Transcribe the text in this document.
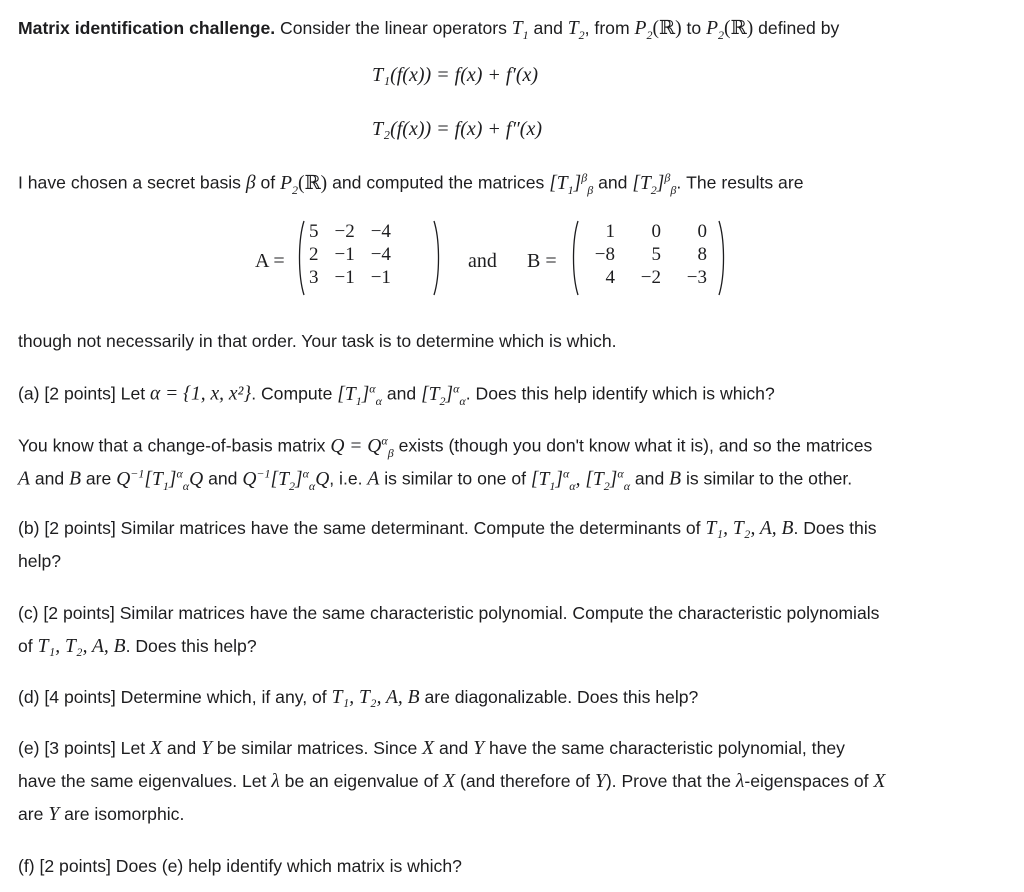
Matrix identification challenge. Consider the linear operators $T_1$ and $T_2$, from $P_2(ℝ)$ to $P_2(ℝ)$ defined by
T₁(f(x)) = f(x) + f′(x)
T₂(f(x)) = f(x) + f″(x)
I have chosen a secret basis β of $P_2(ℝ)$ and computed the matrices $[T_1]^\beta_\beta$ and $[T_2]^\beta_\beta$. The results are
A =
5	−2	−4
2	−1	−4
3	−1	−1
and B =
1	0	0
−8	5	8
4	−2	−3
though not necessarily in that order. Your task is to determine which is which.
(a) [2 points] Let α = {1, x, x²}. Compute $[T_1]^\alpha_\alpha$ and $[T_2]^\alpha_\alpha$. Does this help identify which is which?
You know that a change-of-basis matrix $Q = Q^\alpha_\beta$ exists (though you don't know what it is), and so the matrices
A and B are $Q^{-1}[T_1]^\alpha_\alpha Q$ and $Q^{-1}[T_2]^\alpha_\alpha Q$, i.e. A is similar to one of $[T_1]^\alpha_\alpha$, $[T_2]^\alpha_\alpha$ and B is similar to the other.
(b) [2 points] Similar matrices have the same determinant. Compute the determinants of T₁, T₂, A, B. Does this
help?
(c) [2 points] Similar matrices have the same characteristic polynomial. Compute the characteristic polynomials
of T₁, T₂, A, B. Does this help?
(d) [4 points] Determine which, if any, of T₁, T₂, A, B are diagonalizable. Does this help?
(e) [3 points] Let X and Y be similar matrices. Since X and Y have the same characteristic polynomial, they
have the same eigenvalues. Let λ be an eigenvalue of X (and therefore of Y). Prove that the λ-eigenspaces of X
are Y are isomorphic.
(f) [2 points] Does (e) help identify which matrix is which?
